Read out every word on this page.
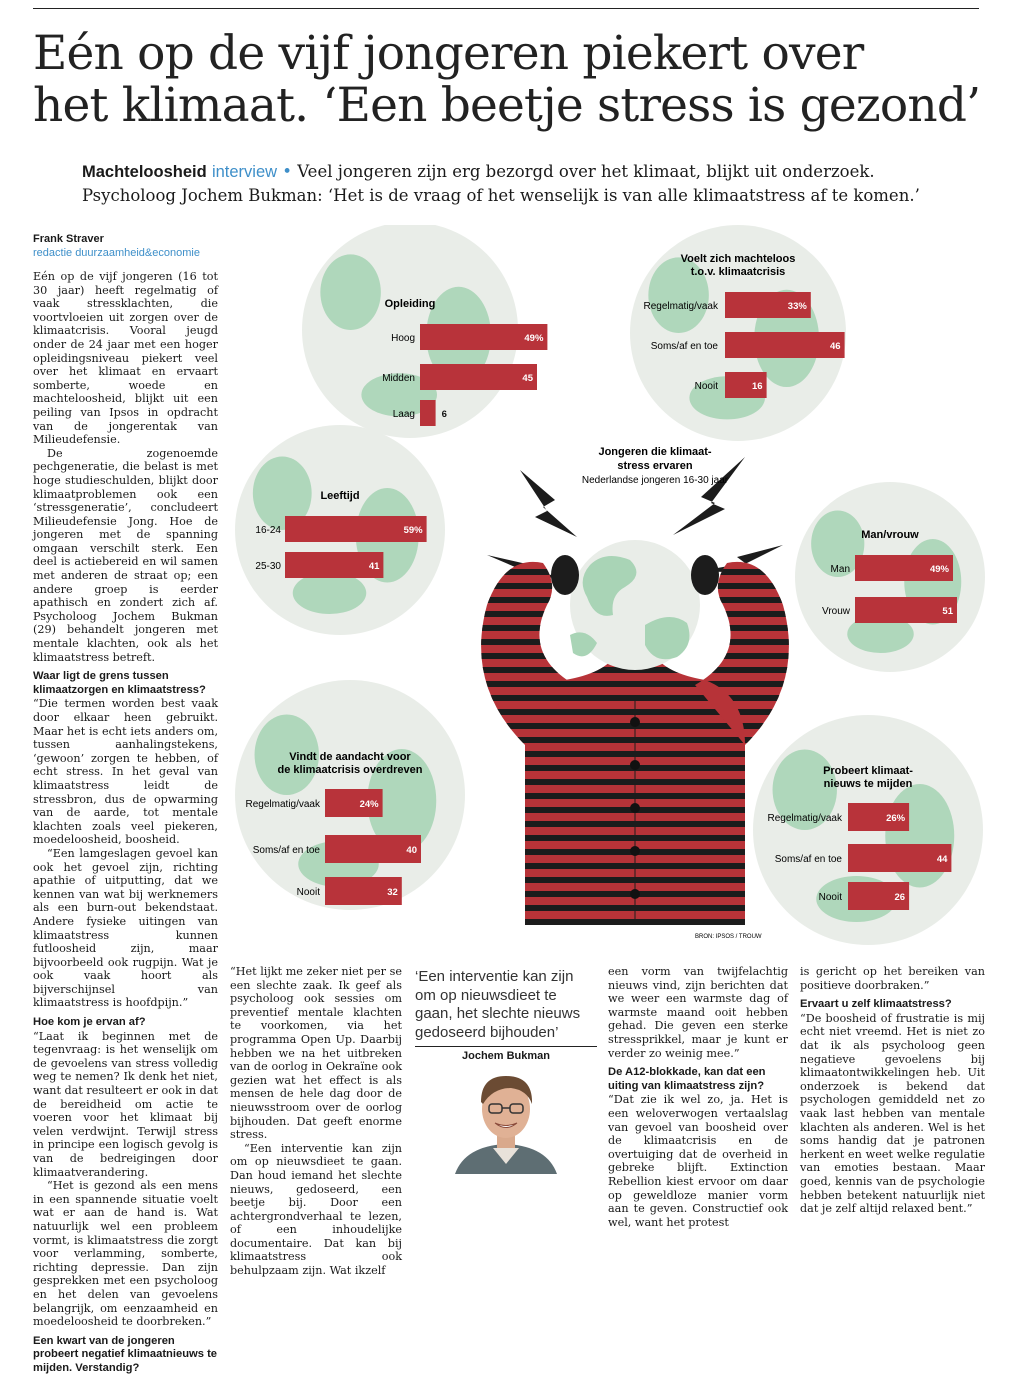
Eén op de vijf jongeren piekert over
het klimaat. ‘Een beetje stress is gezond’
Machteloosheid interview • Veel jongeren zijn erg bezorgd over het klimaat, blijkt uit onderzoek.
Psycholoog Jochem Bukman: ‘Het is de vraag of het wenselijk is van alle klimaatstress af te komen.’
Frank Straver
redactie duurzaamheid&economie

Eén op de vijf jongeren (16 tot 30 jaar) heeft regelmatig of vaak stressklachten, die voortvloeien uit zorgen over de klimaatcrisis. Vooral jeugd onder de 24 jaar met een hoger opleidingsniveau piekert veel over het klimaat en ervaart somberte, woede en machteloosheid, blijkt uit een peiling van Ipsos in opdracht van de jongerentak van Milieudefensie.

De zogenoemde pechgeneratie, die belast is met hoge studieschulden, blijkt door klimaatproblemen ook een ‘stressgeneratie’, concludeert Milieudefensie Jong. Hoe de jongeren met de spanning omgaan verschilt sterk. Een deel is actiebereid en wil samen met anderen de straat op; een andere groep is eerder apathisch en zondert zich af. Psycholoog Jochem Bukman (29) behandelt jongeren met mentale klachten, ook als het klimaatstress betreft.

Waar ligt de grens tussen klimaatzorgen en klimaatstress?

“Die termen worden best vaak door elkaar heen gebruikt. Maar het is echt iets anders om, tussen aanhalingstekens, ‘gewoon’ zorgen te hebben, of echt stress. In het geval van klimaatstress leidt de stressbron, dus de opwarming van de aarde, tot mentale klachten zoals veel piekeren, moedeloosheid, boosheid.

“Een lamgeslagen gevoel kan ook het gevoel zijn, richting apathie of uitputting, dat we kennen van wat bij werknemers als een burn-out bekendstaat. Andere fysieke uitingen van klimaatstress kunnen futloosheid zijn, maar bijvoorbeeld ook rugpijn. Wat je ook vaak hoort als bijverschijnsel van klimaatstress is hoofdpijn.”

Hoe kom je ervan af?

“Laat ik beginnen met de tegenvraag: is het wenselijk om de gevoelens van stress volledig weg te nemen? Ik denk het niet, want dat resulteert er ook in dat de bereidheid om actie te voeren voor het klimaat bij velen verdwijnt. Terwijl stress in principe een logisch gevolg is van de bedreigingen door klimaatverandering.

“Het is gezond als een mens in een spannende situatie voelt wat er aan de hand is. Wat natuurlijk wel een probleem vormt, is klimaatstress die zorgt voor verlamming, somberte, richting depressie. Dan zijn gesprekken met een psycholoog en het delen van gevoelens belangrijk, om eenzaamheid en moedeloosheid te doorbreken.”

Een kwart van de jongeren probeert negatief klimaatnieuws te mijden. Verstandig?

“Het lijkt me zeker niet per se een slechte zaak. Ik geef als psycholoog ook sessies om preventief mentale klachten te voorkomen, via het programma Open Up. Daarbij hebben we na het uitbreken van de oorlog in Oekraïne ook gezien wat het effect is als mensen de hele dag door de nieuwsstroom over de oorlog bijhouden. Dat geeft enorme stress.

“Een interventie kan zijn om op nieuwsdieet te gaan. Dan houd iemand het slechte nieuws, gedoseerd, een beetje bij. Door een achtergrondverhaal te lezen, of een inhoudelijke documentaire. Dat kan bij klimaatstress ook behulpzaam zijn. Wat ikzelf

‘Een interventie kan zijn om op nieuwsdieet te gaan, het slechte nieuws gedoseerd bijhouden’
Jochem Bukman

een vorm van twijfelachtig nieuws vind, zijn berichten dat we weer een warmste dag of warmste maand ooit hebben gehad. Die geven een sterke stressprikkel, maar je kunt er verder zo weinig mee.”

De A12-blokkade, kan dat een uiting van klimaatstress zijn?

“Dat zie ik wel zo, ja. Het is een weloverwogen vertaalslag van gevoel van boosheid over de klimaatcrisis en de overtuiging dat de overheid in gebreke blijft. Extinction Rebellion kiest ervoor om daar op geweldloze manier vorm aan te geven. Constructief ook wel, want het protest

is gericht op het bereiken van positieve doorbraken.”

Ervaart u zelf klimaatstress?

“De boosheid of frustratie is mij echt niet vreemd. Het is niet zo dat ik als psycholoog geen negatieve gevoelens bij klimaatontwikkelingen heb. Uit onderzoek is bekend dat psychologen gemiddeld net zo vaak last hebben van mentale klachten als anderen. Wel is het soms handig dat je patronen herkent en weet welke regulatie van emoties bestaan. Maar goed, kennis van de psychologie hebben betekent natuurlijk niet dat je zelf altijd relaxed bent.”

Jongeren die klimaat-
stress ervaren
Nederlandse jongeren 16-30 jaar
BRON: IPSOS / TROUW
Opleiding
Hoog	49%
Midden	45
Laag	6
Voelt zich machteloos
t.o.v. klimaatcrisis
Regelmatig/vaak	33%
Soms/af en toe	46
Nooit	16
Leeftijd
16-24	59%
25-30	41
Man/vrouw
Man	49%
Vrouw	51
Vindt de aandacht voor
de klimaatcrisis overdreven
Regelmatig/vaak	24%
Soms/af en toe	40
Nooit	32
Probeert klimaat-
nieuws te mijden
Regelmatig/vaak	26%
Soms/af en toe	44
Nooit	26
